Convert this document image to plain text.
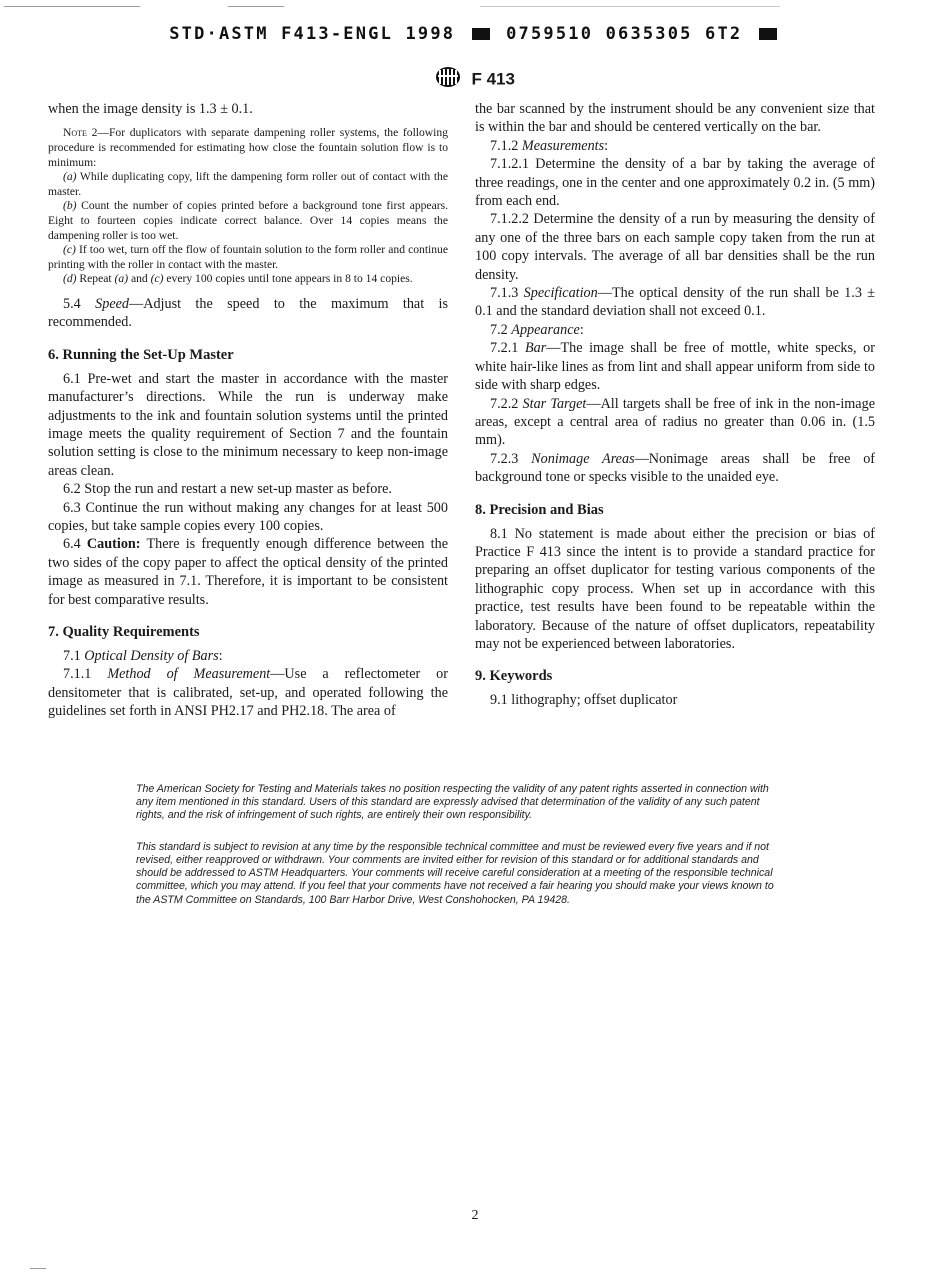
STD·ASTM F413-ENGL 1998	0759510 0635305 6T2
F 413

when the image density is 1.3 ± 0.1.

Note 2—For duplicators with separate dampening roller systems, the following procedure is recommended for estimating how close the fountain solution flow is to minimum:

(a) While duplicating copy, lift the dampening form roller out of contact with the master.

(b) Count the number of copies printed before a background tone first appears. Eight to fourteen copies indicate correct balance. Over 14 copies means the dampening roller is too wet.

(c) If too wet, turn off the flow of fountain solution to the form roller and continue printing with the roller in contact with the master.

(d) Repeat (a) and (c) every 100 copies until tone appears in 8 to 14 copies.

5.4 Speed—Adjust the speed to the maximum that is recommended.

6. Running the Set-Up Master

6.1 Pre-wet and start the master in accordance with the master manufacturer’s directions. While the run is underway make adjustments to the ink and fountain solution systems until the printed image meets the quality requirement of Section 7 and the fountain solution setting is close to the minimum necessary to keep non-image areas clean.

6.2 Stop the run and restart a new set-up master as before.

6.3 Continue the run without making any changes for at least 500 copies, but take sample copies every 100 copies.

6.4 Caution: There is frequently enough difference between the two sides of the copy paper to affect the optical density of the printed image as measured in 7.1. Therefore, it is important to be consistent for best comparative results.

7. Quality Requirements

7.1 Optical Density of Bars:

7.1.1 Method of Measurement—Use a reflectometer or densitometer that is calibrated, set-up, and operated following the guidelines set forth in ANSI PH2.17 and PH2.18. The area of

the bar scanned by the instrument should be any convenient size that is within the bar and should be centered vertically on the bar.

7.1.2 Measurements:

7.1.2.1 Determine the density of a bar by taking the average of three readings, one in the center and one approximately 0.2 in. (5 mm) from each end.

7.1.2.2 Determine the density of a run by measuring the density of any one of the three bars on each sample copy taken from the run at 100 copy intervals. The average of all bar densities shall be the run density.

7.1.3 Specification—The optical density of the run shall be 1.3 ± 0.1 and the standard deviation shall not exceed 0.1.

7.2 Appearance:

7.2.1 Bar—The image shall be free of mottle, white specks, or white hair-like lines as from lint and shall appear uniform from side to side with sharp edges.

7.2.2 Star Target—All targets shall be free of ink in the non-image areas, except a central area of radius no greater than 0.06 in. (1.5 mm).

7.2.3 Nonimage Areas—Nonimage areas shall be free of background tone or specks visible to the unaided eye.

8. Precision and Bias

8.1 No statement is made about either the precision or bias of Practice F 413 since the intent is to provide a standard practice for preparing an offset duplicator for testing various components of the lithographic copy process. When set up in accordance with this practice, test results have been found to be repeatable within the laboratory. Because of the nature of offset duplicators, repeatability may not be experienced between laboratories.

9. Keywords

9.1 lithography; offset duplicator

The American Society for Testing and Materials takes no position respecting the validity of any patent rights asserted in connection with any item mentioned in this standard. Users of this standard are expressly advised that determination of the validity of any such patent rights, and the risk of infringement of such rights, are entirely their own responsibility.

This standard is subject to revision at any time by the responsible technical committee and must be reviewed every five years and if not revised, either reapproved or withdrawn. Your comments are invited either for revision of this standard or for additional standards and should be addressed to ASTM Headquarters. Your comments will receive careful consideration at a meeting of the responsible technical committee, which you may attend. If you feel that your comments have not received a fair hearing you should make your views known to the ASTM Committee on Standards, 100 Barr Harbor Drive, West Conshohocken, PA 19428.

2
